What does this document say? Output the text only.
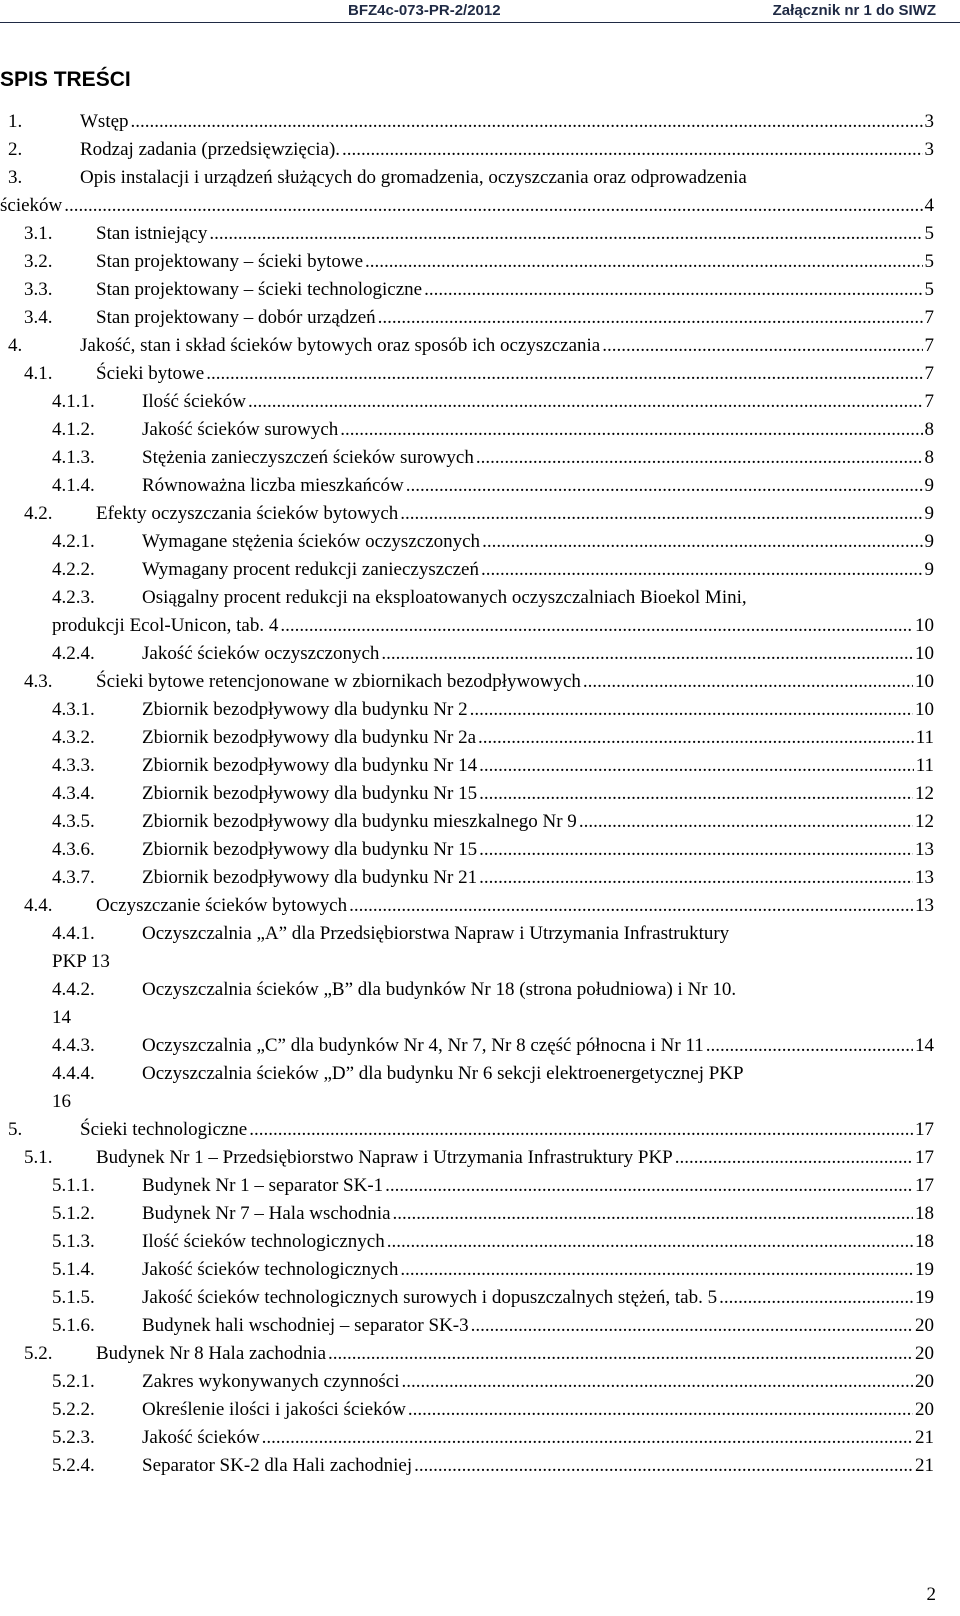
BFZ4c-073-PR-2/2012	Załącznik nr 1 do SIWZ
SPIS TREŚCI
1.	Wstęp .....	3
2.	Rodzaj zadania (przedsięwzięcia). .....	3
3.	Opis instalacji i urządzeń służących do gromadzenia, oczyszczania oraz odprowadzenia
ścieków .....	4
3.1. Stan istniejący .....	5
3.2. Stan projektowany – ścieki bytowe .....	5
3.3. Stan projektowany – ścieki technologiczne .....	5
3.4. Stan projektowany – dobór urządzeń .....	7
4.	Jakość, stan i skład ścieków bytowych oraz sposób ich oczyszczania .....	7
4.1. Ścieki bytowe .....	7
4.1.1. Ilość ścieków .....	7
4.1.2. Jakość ścieków surowych .....	8
4.1.3. Stężenia zanieczyszczeń ścieków surowych .....	8
4.1.4. Równoważna liczba mieszkańców .....	9
4.2. Efekty oczyszczania ścieków bytowych .....	9
4.2.1. Wymagane stężenia ścieków oczyszczonych .....	9
4.2.2. Wymagany procent redukcji zanieczyszczeń .....	9
4.2.3. Osiągalny procent redukcji na eksploatowanych oczyszczalniach Bioekol Mini,
produkcji Ecol-Unicon, tab. 4 .....	10
4.2.4. Jakość ścieków oczyszczonych .....	10
4.3. Ścieki bytowe retencjonowane w zbiornikach bezodpływowych .....	10
4.3.1. Zbiornik bezodpływowy dla budynku Nr 2 .....	10
4.3.2. Zbiornik bezodpływowy dla budynku Nr 2a .....	11
4.3.3. Zbiornik bezodpływowy dla budynku Nr 14 .....	11
4.3.4. Zbiornik bezodpływowy dla budynku Nr 15 .....	12
4.3.5. Zbiornik bezodpływowy dla budynku mieszkalnego Nr 9 .....	12
4.3.6. Zbiornik bezodpływowy dla budynku Nr 15 .....	13
4.3.7. Zbiornik bezodpływowy dla budynku Nr 21 .....	13
4.4. Oczyszczanie ścieków bytowych .....	13
4.4.1. Oczyszczalnia „A” dla Przedsiębiorstwa Napraw i Utrzymania Infrastruktury
PKP 13
4.4.2. Oczyszczalnia ścieków „B” dla budynków Nr 18 (strona południowa) i Nr 10.
14
4.4.3. Oczyszczalnia „C” dla budynków Nr 4, Nr 7, Nr 8 część północna i Nr 11 .....	14
4.4.4. Oczyszczalnia ścieków „D” dla budynku Nr 6 sekcji elektroenergetycznej PKP
16
5.	Ścieki technologiczne .....	17
5.1. Budynek Nr 1 – Przedsiębiorstwo Napraw i Utrzymania Infrastruktury PKP .....	17
5.1.1. Budynek Nr 1 – separator SK-1 .....	17
5.1.2. Budynek Nr 7 – Hala wschodnia .....	18
5.1.3. Ilość ścieków technologicznych .....	18
5.1.4. Jakość ścieków technologicznych .....	19
5.1.5. Jakość ścieków technologicznych surowych i dopuszczalnych stężeń, tab. 5 .....	19
5.1.6. Budynek hali wschodniej – separator SK-3 .....	20
5.2. Budynek Nr 8 Hala zachodnia .....	20
5.2.1. Zakres wykonywanych czynności .....	20
5.2.2. Określenie ilości i jakości ścieków .....	20
5.2.3. Jakość ścieków .....	21
5.2.4. Separator SK-2 dla Hali zachodniej .....	21
2
